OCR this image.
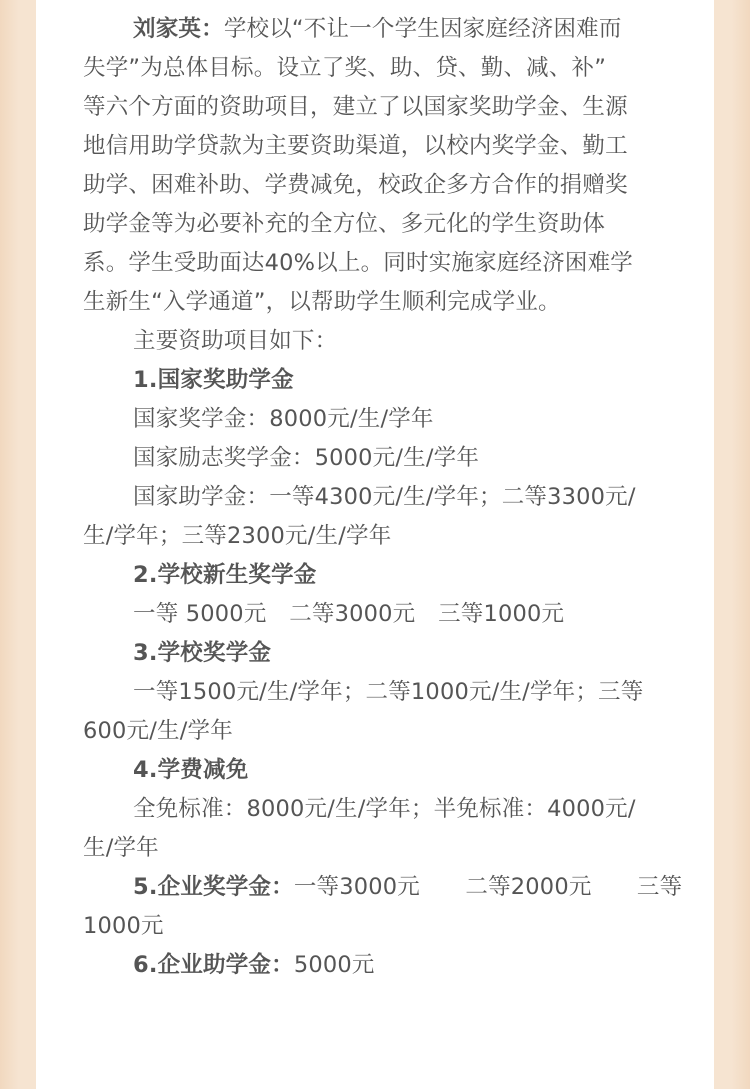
刘家英：学校以“不让一个学生因家庭经济困难而
失学”为总体目标。设立了奖、助、贷、勤、减、补”
等六个方面的资助项目，建立了以国家奖助学金、生源
地信用助学贷款为主要资助渠道，以校内奖学金、勤工
助学、困难补助、学费减免，校政企多方合作的捐赠奖
助学金等为必要补充的全方位、多元化的学生资助体
系。学生受助面达40%以上。同时实施家庭经济困难学
生新生“入学通道”，以帮助学生顺利完成学业。
主要资助项目如下：
1.国家奖助学金
国家奖学金：8000元/生/学年
国家励志奖学金：5000元/生/学年
国家助学金：一等4300元/生/学年；二等3300元/
生/学年；三等2300元/生/学年
2.学校新生奖学金
一等 5000元　二等3000元　三等1000元
3.学校奖学金
一等1500元/生/学年；二等1000元/生/学年；三等
600元/生/学年
4.学费减免
全免标准：8000元/生/学年；半免标准：4000元/
生/学年
5.企业奖学金：一等3000元　　二等2000元　　三等
1000元
6.企业助学金：5000元
